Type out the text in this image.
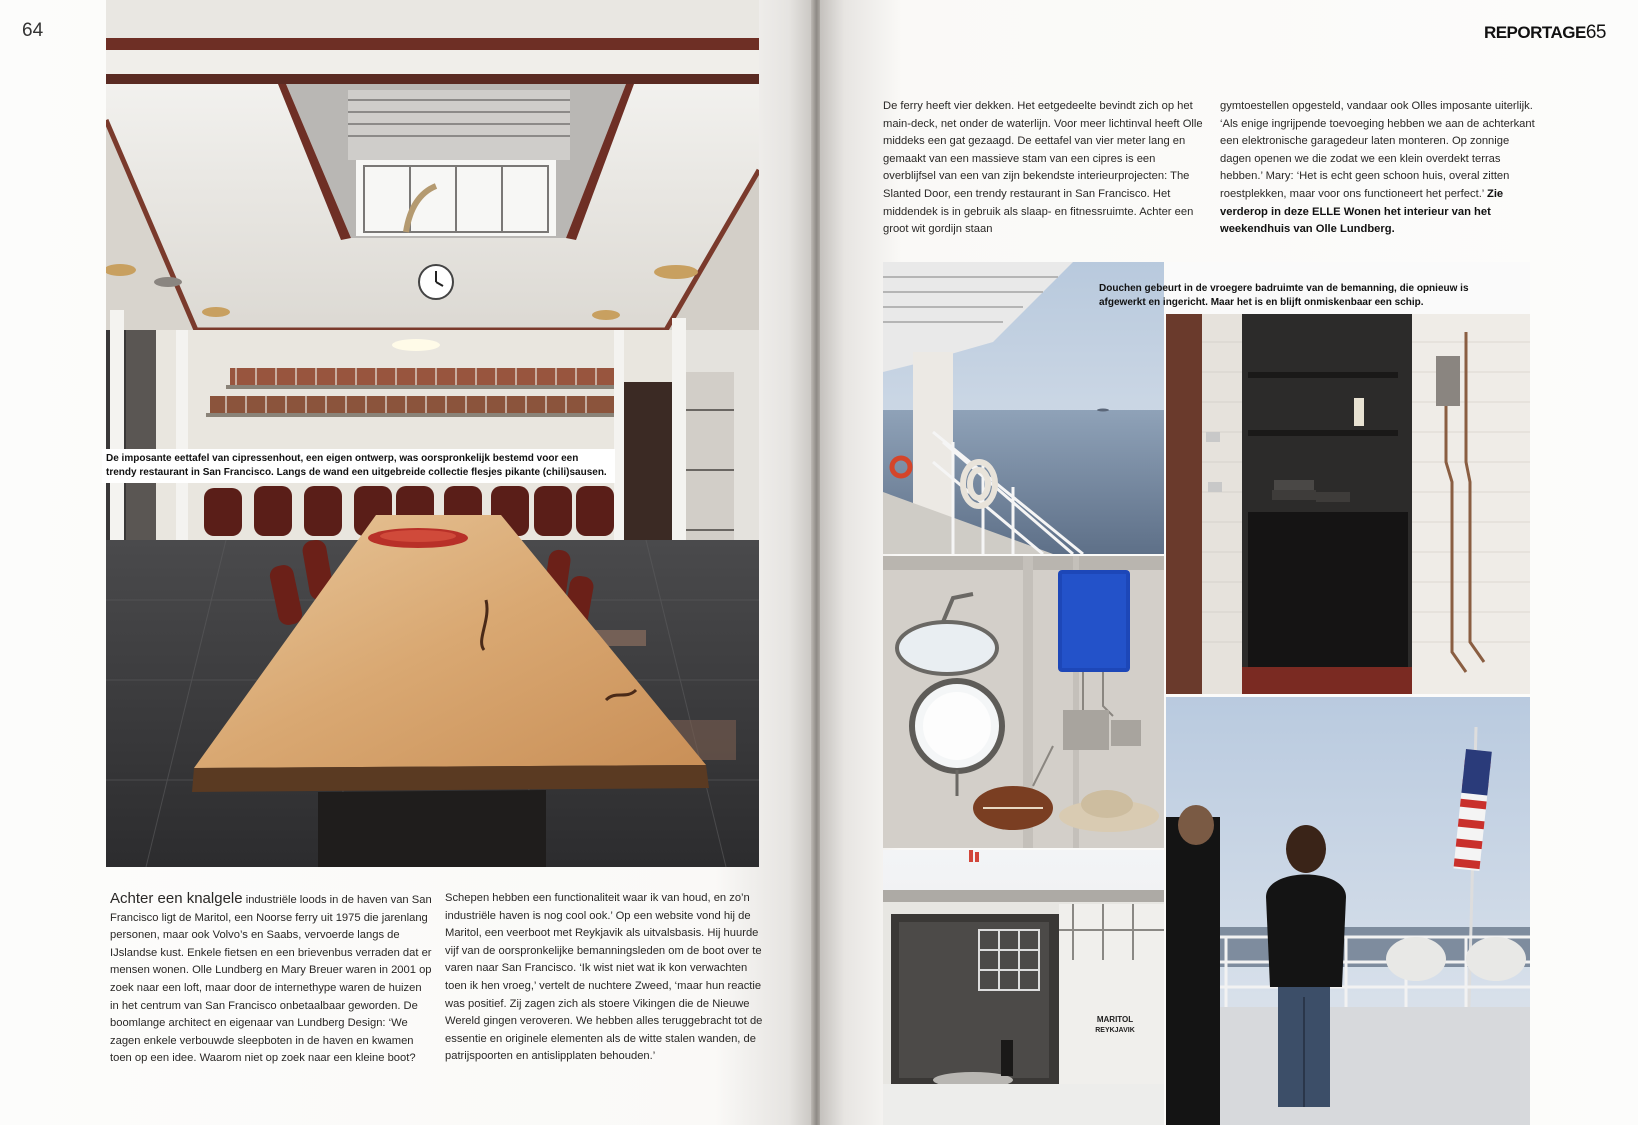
64
De imposante eettafel van cipressenhout, een eigen ontwerp, was oorspronkelijk bestemd voor een trendy restaurant in San Francisco. Langs de wand een uitgebreide collectie flesjes pikante (chili)sausen.

Achter een knalgele industriële loods in de haven van San Francisco ligt de Maritol, een Noorse ferry uit 1975 die jarenlang personen, maar ook Volvo’s en Saabs, vervoerde langs de IJslandse kust. Enkele fietsen en een brievenbus verraden dat er mensen wonen. Olle Lundberg en Mary Breuer waren in 2001 op zoek naar een loft, maar door de internethype waren de huizen in het centrum van San Francisco onbetaalbaar geworden. De boomlange architect en eigenaar van Lundberg Design: ‘We zagen enkele verbouwde sleepboten in de haven en kwamen toen op een idee. Waarom niet op zoek naar een kleine boot?

Schepen hebben een functionaliteit waar ik van houd, en zo’n industriële haven is nog cool ook.’ Op een website vond hij de Maritol, een veerboot met Reykjavik als uitvalsbasis. Hij huurde vijf van de oorspronkelijke bemanningsleden om de boot over te varen naar San Francisco. ‘Ik wist niet wat ik kon verwachten toen ik hen vroeg,’ vertelt de nuchtere Zweed, ‘maar hun reactie was positief. Zij zagen zich als stoere Vikingen die de Nieuwe Wereld gingen veroveren. We hebben alles teruggebracht tot de essentie en originele elementen als de witte stalen wanden, de patrijspoorten en antislipplaten behouden.’

REPORTAGE65

De ferry heeft vier dekken. Het eetgedeelte bevindt zich op het main-deck, net onder de waterlijn. Voor meer lichtinval heeft Olle middeks een gat gezaagd. De eettafel van vier meter lang en gemaakt van een massieve stam van een cipres is een overblijfsel van een van zijn bekendste interieurprojecten: The Slanted Door, een trendy restaurant in San Francisco. Het middendek is in gebruik als slaap- en fitnessruimte. Achter een groot wit gordijn staan

gymtoestellen opgesteld, vandaar ook Olles imposante uiterlijk. ‘Als enige ingrijpende toevoeging hebben we aan de achterkant een elektronische garagedeur laten monteren. Op zonnige dagen openen we die zodat we een klein overdekt terras hebben.’ Mary: ‘Het is echt geen schoon huis, overal zitten roestplekken, maar voor ons functioneert het perfect.’ Zie verderop in deze ELLE Wonen het interieur van het weekendhuis van Olle Lundberg.

Douchen gebeurt in de vroegere badruimte van de bemanning, die opnieuw is afgewerkt en ingericht. Maar het is en blijft onmiskenbaar een schip.
MARITOL
REYKJAVIK
